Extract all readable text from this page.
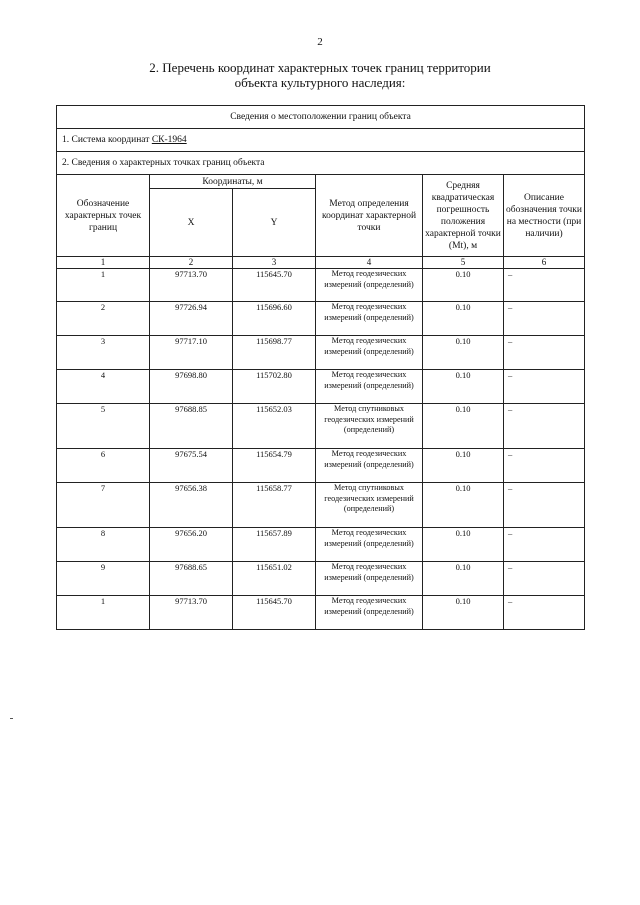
2
2. Перечень координат характерных точек границ территории
объекта культурного наследия:
Сведения о местоположении границ объекта					
1. Система координат СК-1964					
2. Сведения о характерных точках границ объекта					
Обозначение характерных точек границ	Координаты, м		Метод определения координат характерной точки	Средняя квадратическая погрешность положения характерной точки (Mt), м	Описание обозначения точки на местности (при наличии)
	X	Y			
1	2	3	4	5	6
1	97713.70	115645.70	Метод геодезических измерений (определений)	0.10	–
2	97726.94	115696.60	Метод геодезических измерений (определений)	0.10	–
3	97717.10	115698.77	Метод геодезических измерений (определений)	0.10	–
4	97698.80	115702.80	Метод геодезических измерений (определений)	0.10	–
5	97688.85	115652.03	Метод спутниковых геодезических измерений (определений)	0.10	–
6	97675.54	115654.79	Метод геодезических измерений (определений)	0.10	–
7	97656.38	115658.77	Метод спутниковых геодезических измерений (определений)	0.10	–
8	97656.20	115657.89	Метод геодезических измерений (определений)	0.10	–
9	97688.65	115651.02	Метод геодезических измерений (определений)	0.10	–
1	97713.70	115645.70	Метод геодезических измерений (определений)	0.10	–
